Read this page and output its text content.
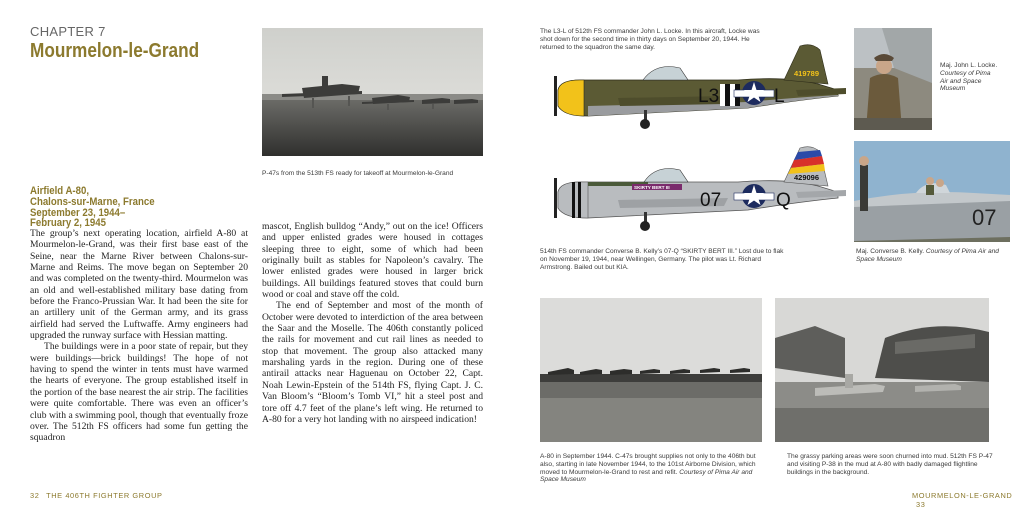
CHAPTER 7
Mourmelon-le-Grand
P-47s from the 513th FS ready for takeoff at Mourmelon-le-Grand
Airfield A-80,
Chalons-sur-Marne, France
September 23, 1944–
February 2, 1945

The group’s next operating location, airfield A-80 at Mourmelon-le-Grand, was their first base east of the Seine, near the Marne River between Chalons-sur-Marne and Reims. The move began on September 20 and was completed on the twenty-third. Mourmelon was an old and well-established military base dating from before the Franco-Prussian War. It had been the site for an artillery unit of the German army, and its grass airfield had served the Luftwaffe. Army engineers had upgraded the runway surface with Hessian matting.

The buildings were in a poor state of repair, but they were buildings—brick buildings! The hope of not having to spend the winter in tents must have warmed the hearts of everyone. The group established itself in the portion of the base nearest the air strip. The facilities were quite comfortable. There was even an officer’s club with a swimming pool, though that eventually froze over. The 512th FS officers had some fun getting the squadron

mascot, English bulldog “Andy,” out on the ice! Officers and upper enlisted grades were housed in cottages sleeping three to eight, some of which had been originally built as stables for Napoleon’s cavalry. The lower enlisted grades were housed in larger brick buildings. All buildings featured stoves that could burn wood or coal and stave off the cold.

The end of September and most of the month of October were devoted to interdiction of the area between the Saar and the Moselle. The 406th constantly policed the rails for movement and cut rail lines as needed to stop that movement. The group also attacked many marshaling yards in the region. During one of these antirail attacks near Haguenau on October 22, Capt. Noah Lewin-Epstein of the 514th FS, flying Capt. J. C. Van Bloom’s “Bloom’s Tomb VI,” hit a steel post and tore off 4.7 feet of the plane’s left wing. He returned to A-80 for a very hot landing with no airspeed indication!

32 THE 406TH FIGHTER GROUP
The L3-L of 512th FS commander John L. Locke. In this aircraft, Locke was shot down for the second time in thirty days on September 20, 1944. He returned to the squadron the same day.
419789
L3	L
Maj. John L. Locke.
Courtesy of Pima
Air and Space
Museum
SKIRTY BERT III
429096
07	Q
07
514th FS commander Converse B. Kelly’s 07-Q “SKIRTY BERT III.” Lost due to flak on November 19, 1944, near Wellingen, Germany. The pilot was Lt. Richard Armstrong. Bailed out but KIA.
Maj. Converse B. Kelly. Courtesy of Pima Air and Space Museum
A-80 in September 1944. C-47s brought supplies not only to the 406th but also, starting in late November 1944, to the 101st Airborne Division, which moved to Mourmelon-le-Grand to rest and refit. Courtesy of Pima Air and Space Museum
The grassy parking areas were soon churned into mud. 512th FS P-47 and visiting P-38 in the mud at A-80 with badly damaged flightline buildings in the background.
MOURMELON-LE-GRAND 33
